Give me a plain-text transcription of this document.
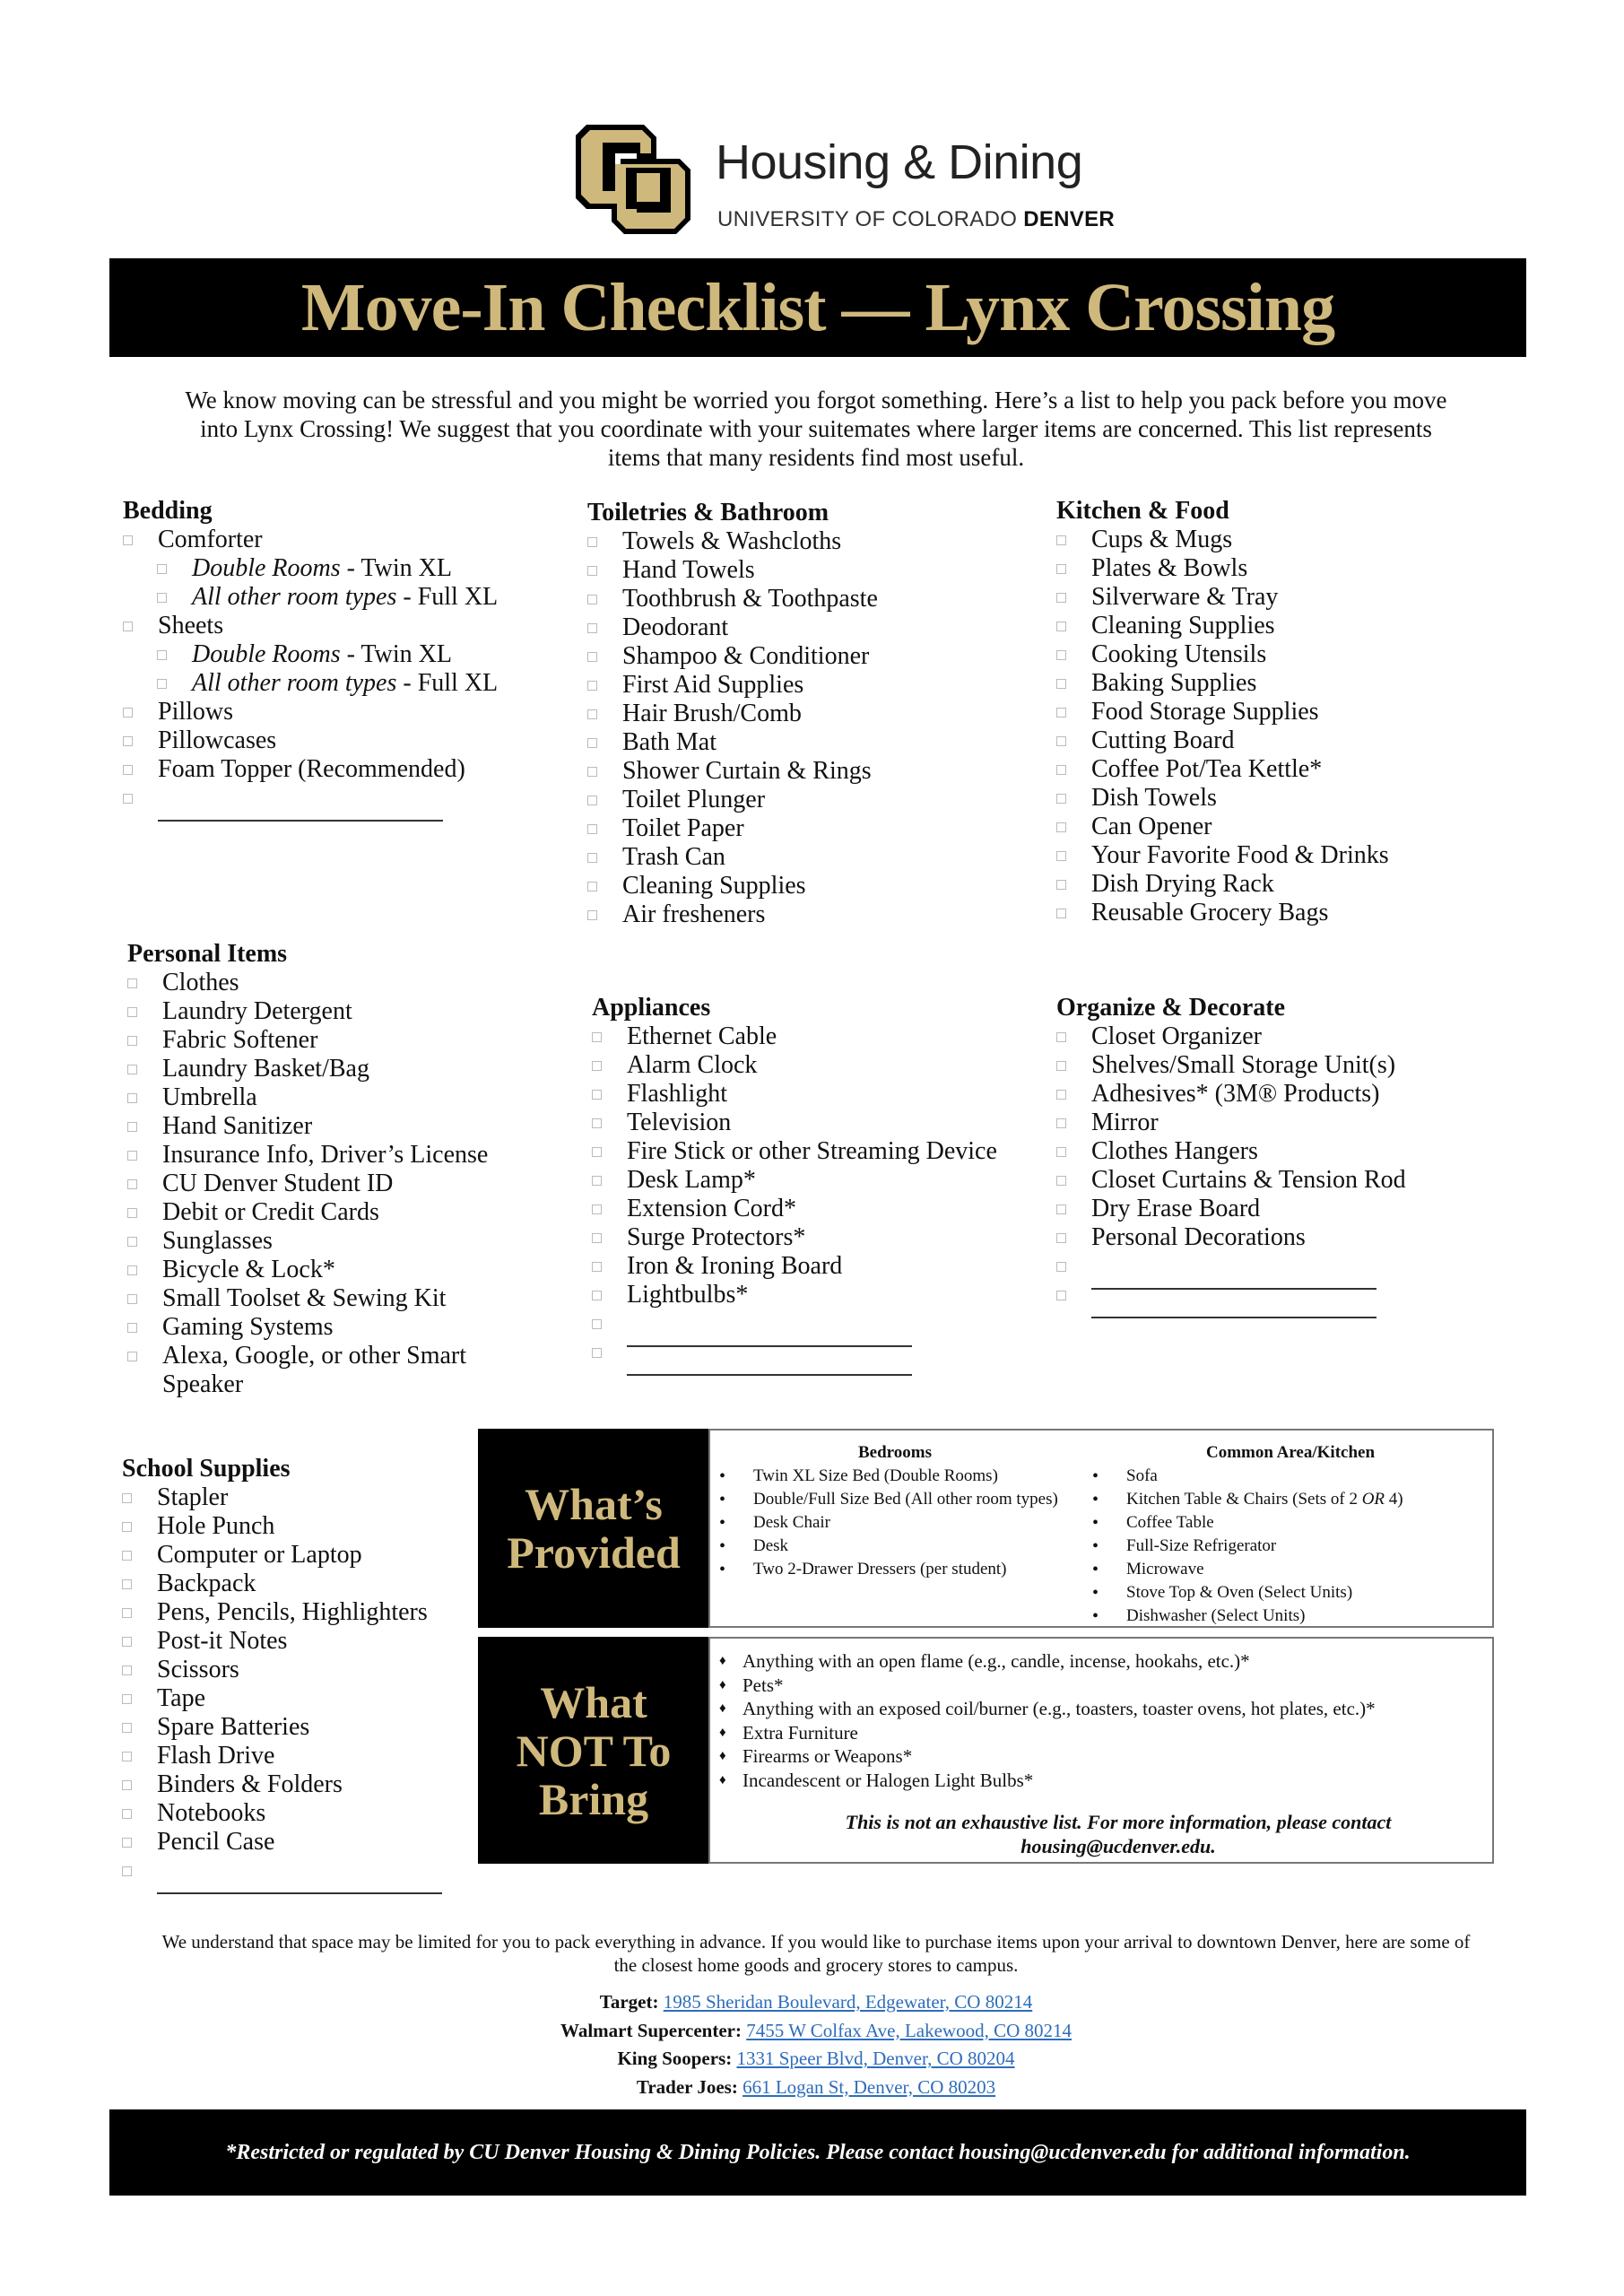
Housing & Dining
UNIVERSITY OF COLORADO DENVER
Move-In Checklist — Lynx Crossing
We know moving can be stressful and you might be worried you forgot something. Here’s a list to help you pack before you move into Lynx Crossing! We suggest that you coordinate with your suitemates where larger items are concerned. This list represents items that many residents find most useful.
Bedding
Comforter
Double Rooms - Twin XL
All other room types - Full XL
Sheets
Double Rooms - Twin XL
All other room types - Full XL
Pillows
Pillowcases
Foam Topper (Recommended)
Toiletries & Bathroom
Towels & Washcloths
Hand Towels
Toothbrush & Toothpaste
Deodorant
Shampoo & Conditioner
First Aid Supplies
Hair Brush/Comb
Bath Mat
Shower Curtain & Rings
Toilet Plunger
Toilet Paper
Trash Can
Cleaning Supplies
Air fresheners
Kitchen & Food
Cups & Mugs
Plates & Bowls
Silverware & Tray
Cleaning Supplies
Cooking Utensils
Baking Supplies
Food Storage Supplies
Cutting Board
Coffee Pot/Tea Kettle*
Dish Towels
Can Opener
Your Favorite Food & Drinks
Dish Drying Rack
Reusable Grocery Bags
Personal Items
Clothes
Laundry Detergent
Fabric Softener
Laundry Basket/Bag
Umbrella
Hand Sanitizer
Insurance Info, Driver’s License
CU Denver Student ID
Debit or Credit Cards
Sunglasses
Bicycle & Lock*
Small Toolset & Sewing Kit
Gaming Systems
Alexa, Google, or other Smart Speaker
Appliances
Ethernet Cable
Alarm Clock
Flashlight
Television
Fire Stick or other Streaming Device
Desk Lamp*
Extension Cord*
Surge Protectors*
Iron & Ironing Board
Lightbulbs*
Organize & Decorate
Closet Organizer
Shelves/Small Storage Unit(s)
Adhesives* (3M® Products)
Mirror
Clothes Hangers
Closet Curtains & Tension Rod
Dry Erase Board
Personal Decorations
School Supplies
Stapler
Hole Punch
Computer or Laptop
Backpack
Pens, Pencils, Highlighters
Post-it Notes
Scissors
Tape
Spare Batteries
Flash Drive
Binders & Folders
Notebooks
Pencil Case
What’s
Provided
Bedrooms
• Twin XL Size Bed (Double Rooms)
• Double/Full Size Bed (All other room types)
• Desk Chair
• Desk
• Two 2-Drawer Dressers (per student)
Common Area/Kitchen
• Sofa
• Kitchen Table & Chairs (Sets of 2 OR 4)
• Coffee Table
• Full-Size Refrigerator
• Microwave
• Stove Top & Oven (Select Units)
• Dishwasher (Select Units)
What
NOT To
Bring
♦ Anything with an open flame (e.g., candle, incense, hookahs, etc.)*
♦ Pets*
♦ Anything with an exposed coil/burner (e.g., toasters, toaster ovens, hot plates, etc.)*
♦ Extra Furniture
♦ Firearms or Weapons*
♦ Incandescent or Halogen Light Bulbs*
This is not an exhaustive list. For more information, please contact
housing@ucdenver.edu.
We understand that space may be limited for you to pack everything in advance. If you would like to purchase items upon your arrival to downtown Denver, here are some of the closest home goods and grocery stores to campus.
Target: 1985 Sheridan Boulevard, Edgewater, CO 80214
Walmart Supercenter: 7455 W Colfax Ave, Lakewood, CO 80214
King Soopers: 1331 Speer Blvd, Denver, CO 80204
Trader Joes: 661 Logan St, Denver, CO 80203
*Restricted or regulated by CU Denver Housing & Dining Policies. Please contact housing@ucdenver.edu for additional information.
